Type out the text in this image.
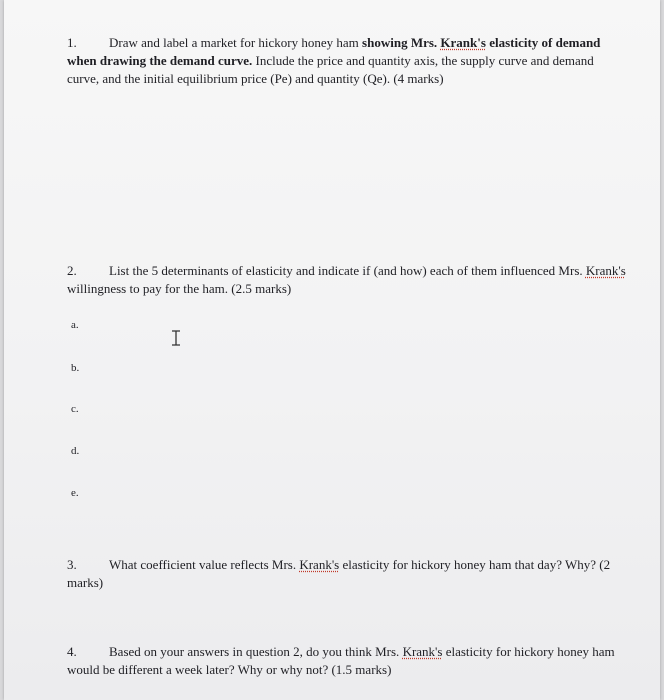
1. Draw and label a market for hickory honey ham showing Mrs. Krank's elasticity of demand when drawing the demand curve. Include the price and quantity axis, the supply curve and demand curve, and the initial equilibrium price (Pe) and quantity (Qe). (4 marks)
2. List the 5 determinants of elasticity and indicate if (and how) each of them influenced Mrs. Krank's willingness to pay for the ham. (2.5 marks)
a.
b.
c.
d.
e.
3. What coefficient value reflects Mrs. Krank's elasticity for hickory honey ham that day? Why? (2 marks)
4. Based on your answers in question 2, do you think Mrs. Krank's elasticity for hickory honey ham would be different a week later? Why or why not? (1.5 marks)
